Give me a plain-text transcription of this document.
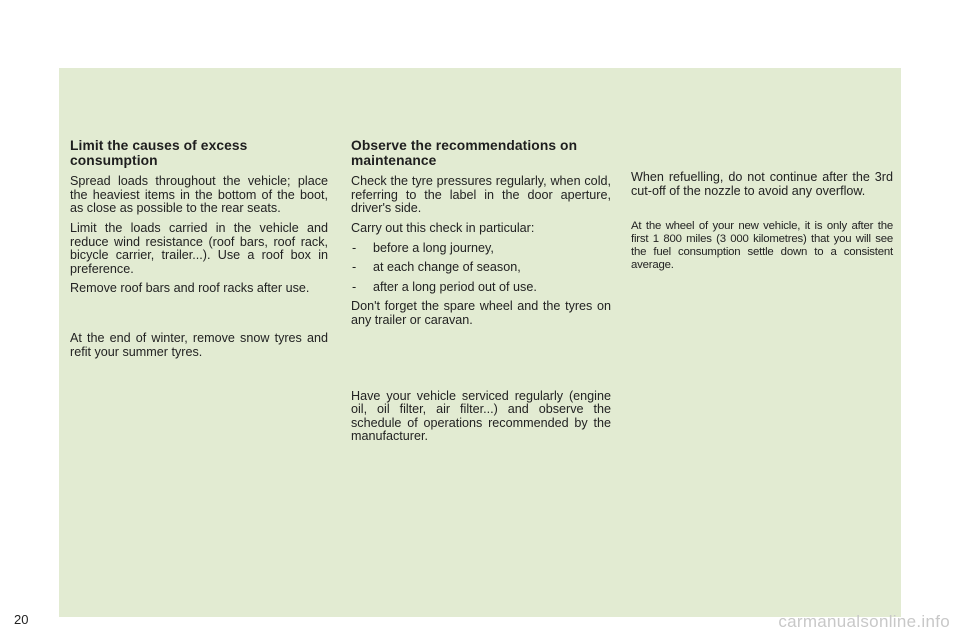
Limit the causes of excess consumption

Spread loads throughout the vehicle; place the heaviest items in the bottom of the boot, as close as possible to the rear seats.

Limit the loads carried in the vehicle and reduce wind resistance (roof bars, roof rack, bicycle carrier, trailer...). Use a roof box in preference.

Remove roof bars and roof racks after use.

At the end of winter, remove snow tyres and refit your summer tyres.

Observe the recommendations on maintenance

Check the tyre pressures regularly, when cold, referring to the label in the door aperture, driver's side.

Carry out this check in particular:

- before a long journey,
- at each change of season,
- after a long period out of use.

Don't forget the spare wheel and the tyres on any trailer or caravan.

Have your vehicle serviced regularly (engine oil, oil filter, air filter...) and observe the schedule of operations recommended by the manufacturer.

When refuelling, do not continue after the 3rd cut-off of the nozzle to avoid any overflow.

At the wheel of your new vehicle, it is only after the first 1 800 miles (3 000 kilometres) that you will see the fuel consumption settle down to a consistent average.

20	carmanualsonline.info
